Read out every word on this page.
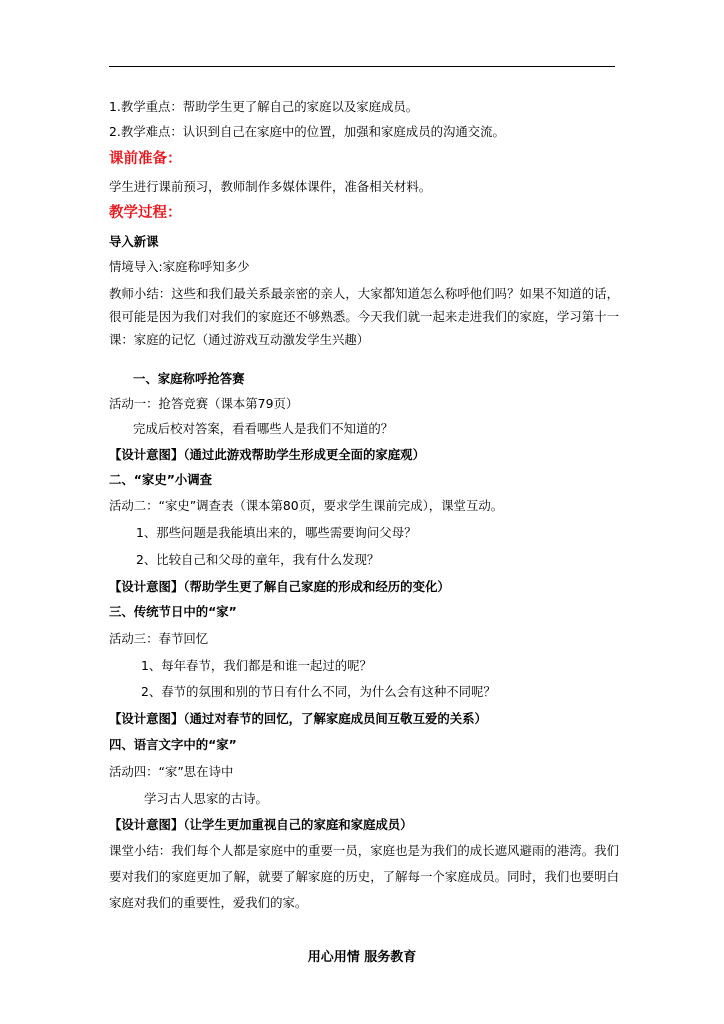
1.教学重点：帮助学生更了解自己的家庭以及家庭成员。
2.教学难点：认识到自己在家庭中的位置，加强和家庭成员的沟通交流。
课前准备：
学生进行课前预习，教师制作多媒体课件，准备相关材料。
教学过程：
导入新课
情境导入:家庭称呼知多少
教师小结：这些和我们最关系最亲密的亲人，大家都知道怎么称呼他们吗？如果不知道的话，很可能是因为我们对我们的家庭还不够熟悉。今天我们就一起来走进我们的家庭，学习第十一课：家庭的记忆（通过游戏互动激发学生兴趣）
一、家庭称呼抢答赛
活动一：抢答竞赛（课本第79页）
完成后校对答案，看看哪些人是我们不知道的？
【设计意图】（通过此游戏帮助学生形成更全面的家庭观）
二、“家史”小调查
活动二：“家史”调查表（课本第80页，要求学生课前完成），课堂互动。
1、那些问题是我能填出来的，哪些需要询问父母？
2、比较自己和父母的童年，我有什么发现？
【设计意图】（帮助学生更了解自己家庭的形成和经历的变化）
三、传统节日中的“家”
活动三：春节回忆
1、每年春节，我们都是和谁一起过的呢？
2、春节的氛围和别的节日有什么不同，为什么会有这种不同呢？
【设计意图】（通过对春节的回忆，了解家庭成员间互敬互爱的关系）
四、语言文字中的“家”
活动四：“家”思在诗中
学习古人思家的古诗。
【设计意图】（让学生更加重视自己的家庭和家庭成员）
课堂小结：我们每个人都是家庭中的重要一员，家庭也是为我们的成长遮风避雨的港湾。我们要对我们的家庭更加了解，就要了解家庭的历史，了解每一个家庭成员。同时，我们也要明白家庭对我们的重要性，爱我们的家。
用心用情 服务教育
